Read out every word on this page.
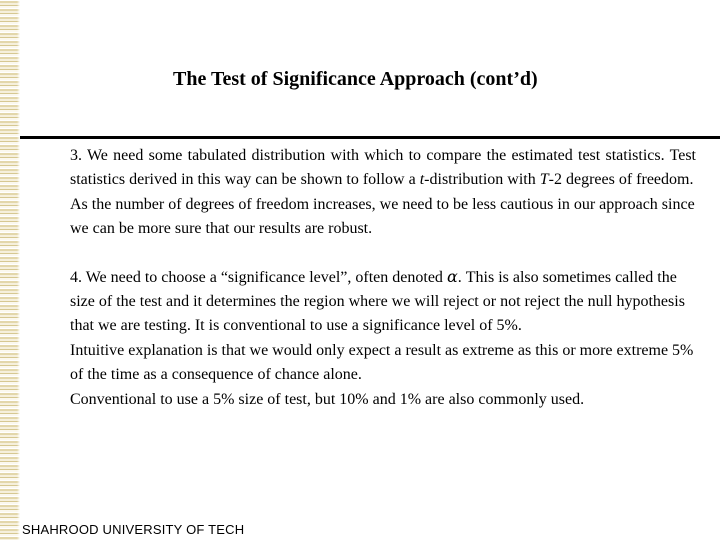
The Test of Significance Approach (cont’d)

3. We need some tabulated distribution with which to compare the estimated test statistics. Test statistics derived in this way can be shown to follow a t-distribution with T-2 degrees of freedom.

As the number of degrees of freedom increases, we need to be less cautious in our approach since we can be more sure that our results are robust.

4. We need to choose a “significance level”, often denoted α. This is also sometimes called the size of the test and it determines the region where we will reject or not reject the null hypothesis that we are testing. It is conventional to use a significance level of 5%.

Intuitive explanation is that we would only expect a result as extreme as this or more extreme 5% of the time as a consequence of chance alone.

Conventional to use a 5% size of test, but 10% and 1% are also commonly used.

SHAHROOD UNIVERSITY OF TECH
